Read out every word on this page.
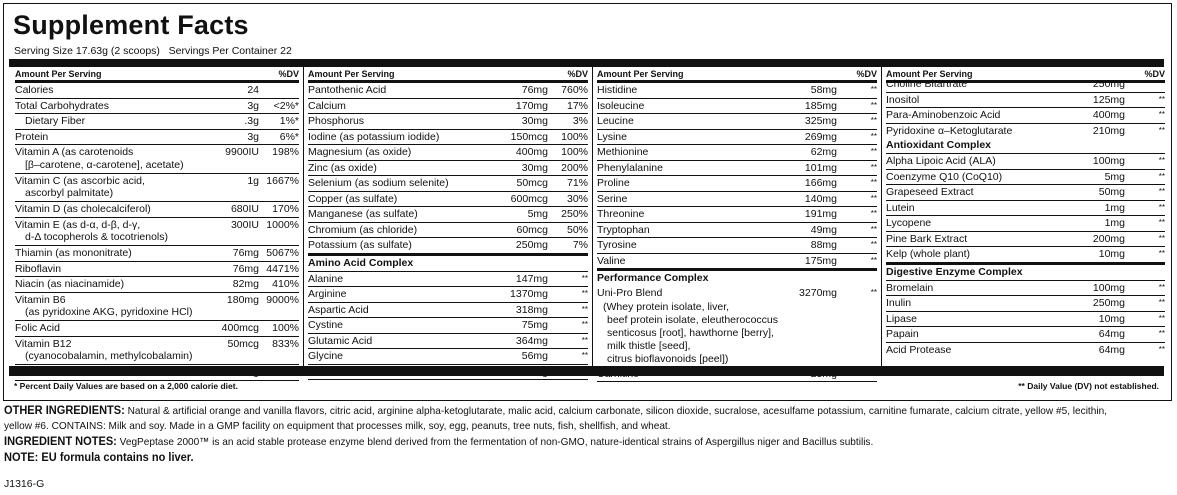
Supplement Facts
Serving Size 17.63g (2 scoops)   Servings Per Container 22
Amount Per Serving	%DV
Calories	24
Total Carbohydrates	3g	<2%*
Dietary Fiber	.3g	1%*
Protein	3g	6%*
Vitamin A (as carotenoids	9900IU	198%
[β–carotene, α-carotene], acetate)
Vitamin C (as ascorbic acid,	1g 1667%
ascorbyl palmitate)
Vitamin D (as cholecalciferol)	680IU	170%
Vitamin E (as d-α, d-β, d-γ,	300IU 1000%
d-Δ tocopherols & tocotrienols)
Thiamin (as mononitrate)	76mg 5067%
Riboflavin	76mg 4471%
Niacin (as niacinamide)	82mg	410%
Vitamin B6	180mg 9000%
(as pyridoxine AKG, pyridoxine HCl)
Folic Acid	400mcg	100%
Vitamin B12	50mcg	833%
(cyanocobalamin, methylcobalamin)
Amount Per Serving	%DV
Pantothenic Acid	76mg	760%
Calcium	170mg	17%
Phosphorus	30mg	3%
Iodine (as potassium iodide)	150mcg	100%
Magnesium (as oxide)	400mg	100%
Zinc (as oxide)	30mg	200%
Selenium (as sodium selenite)	50mcg	71%
Copper (as sulfate)	600mcg	30%
Manganese (as sulfate)	5mg	250%
Chromium (as chloride)	60mcg	50%
Potassium (as sulfate)	250mg	7%
Amino Acid Complex
Alanine	147mg	**
Arginine	1370mg	**
Aspartic Acid	318mg	**
Cystine	75mg	**
Glutamic Acid	364mg	**
Glycine	56mg	**
Amount Per Serving	%DV
Histidine	58mg	**
Isoleucine	185mg	**
Leucine	325mg	**
Lysine	269mg	**
Methionine	62mg	**
Phenylalanine	101mg	**
Proline	166mg	**
Serine	140mg	**
Threonine	191mg	**
Tryptophan	49mg	**
Tyrosine	88mg	**
Valine	175mg	**
Performance Complex
Uni-Pro Blend	3270mg	**
(Whey protein isolate, liver,
beef protein isolate, eleutherococcus
senticosus [root], hawthorne [berry],
milk thistle [seed],
citrus bioflavonoids [peel])
Amount Per Serving	%DV
Choline Bitartrate	250mg	**
Inositol	125mg	**
Para-Aminobenzoic Acid	400mg	**
Pyridoxine α–Ketoglutarate	210mg	**
Antioxidant Complex
Alpha Lipoic Acid (ALA)	100mg	**
Coenzyme Q10 (CoQ10)	5mg	**
Grapeseed Extract	50mg	**
Lutein	1mg	**
Lycopene	1mg	**
Pine Bark Extract	200mg	**
Kelp (whole plant)	10mg	**
Digestive Enzyme Complex
Bromelain	100mg	**
Inulin	250mg	**
Lipase	10mg	**
Papain	64mg	**
Acid Protease	64mg	**
* Percent Daily Values are based on a 2,000 calorie diet.	** Daily Value (DV) not established.

OTHER INGREDIENTS: Natural & artificial orange and vanilla flavors, citric acid, arginine alpha-ketoglutarate, malic acid, calcium carbonate, silicon dioxide, sucralose, acesulfame potassium, carnitine fumarate, calcium citrate, yellow #5, lecithin, yellow #6. CONTAINS: Milk and soy. Made in a GMP facility on equipment that processes milk, soy, egg, peanuts, tree nuts, fish, shellfish, and wheat.

INGREDIENT NOTES: VegPeptase 2000™ is an acid stable protease enzyme blend derived from the fermentation of non-GMO, nature-identical strains of Aspergillus niger and Bacillus subtilis.

NOTE: EU formula contains no liver.

J1316-G
